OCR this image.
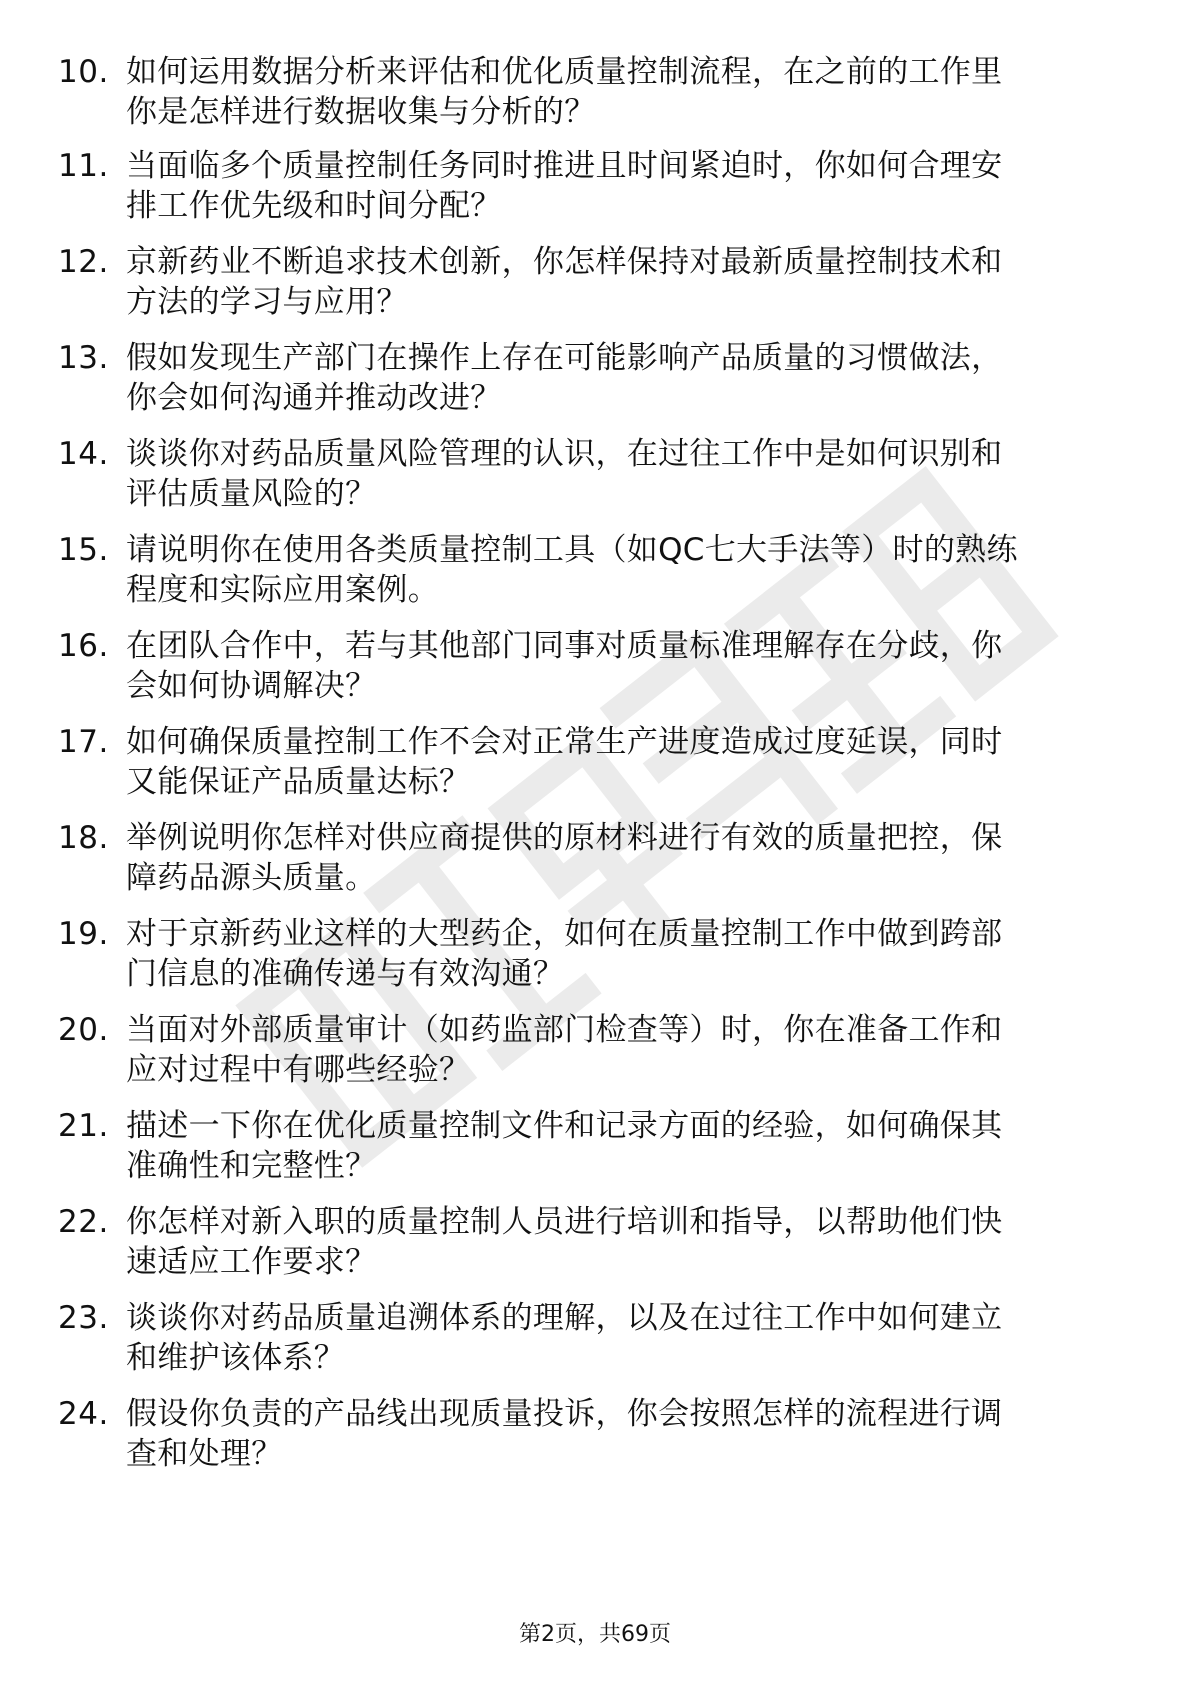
10. 如何运用数据分析来评估和优化质量控制流程，在之前的工作里
你是怎样进行数据收集与分析的？
11. 当面临多个质量控制任务同时推进且时间紧迫时，你如何合理安
排工作优先级和时间分配？
12. 京新药业不断追求技术创新，你怎样保持对最新质量控制技术和
方法的学习与应用？
13. 假如发现生产部门在操作上存在可能影响产品质量的习惯做法，
你会如何沟通并推动改进？
14. 谈谈你对药品质量风险管理的认识，在过往工作中是如何识别和
评估质量风险的？
15. 请说明你在使用各类质量控制工具（如QC七大手法等）时的熟练
程度和实际应用案例。
16. 在团队合作中，若与其他部门同事对质量标准理解存在分歧，你
会如何协调解决？
17. 如何确保质量控制工作不会对正常生产进度造成过度延误，同时
又能保证产品质量达标？
18. 举例说明你怎样对供应商提供的原材料进行有效的质量把控，保
障药品源头质量。
19. 对于京新药业这样的大型药企，如何在质量控制工作中做到跨部
门信息的准确传递与有效沟通？
20. 当面对外部质量审计（如药监部门检查等）时，你在准备工作和
应对过程中有哪些经验？
21. 描述一下你在优化质量控制文件和记录方面的经验，如何确保其
准确性和完整性？
22. 你怎样对新入职的质量控制人员进行培训和指导，以帮助他们快
速适应工作要求？
23. 谈谈你对药品质量追溯体系的理解，以及在过往工作中如何建立
和维护该体系？
24. 假设你负责的产品线出现质量投诉，你会按照怎样的流程进行调
查和处理？
第2页，共69页
